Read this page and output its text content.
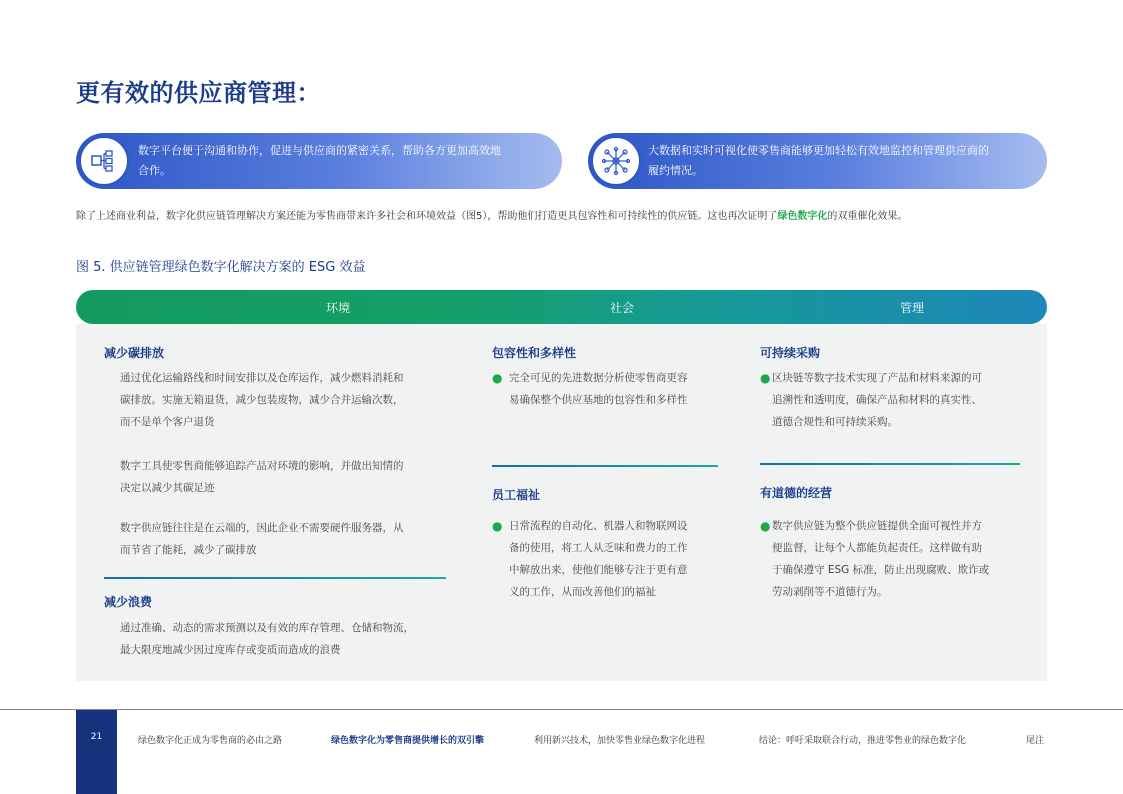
更有效的供应商管理：
数字平台便于沟通和协作，促进与供应商的紧密关系，帮助各方更加高效地
合作。
大数据和实时可视化使零售商能够更加轻松有效地监控和管理供应商的
履约情况。
除了上述商业利益，数字化供应链管理解决方案还能为零售商带来许多社会和环境效益（图5），帮助他们打造更具包容性和可持续性的供应链。这也再次证明了绿色数字化的双重催化效果。
图 5. 供应链管理绿色数字化解决方案的 ESG 效益
环境	社会	管理
减少碳排放
通过优化运输路线和时间安排以及仓库运作，减少燃料消耗和
碳排放。实施无箱退货，减少包装废物，减少合并运输次数，
而不是单个客户退货
数字工具使零售商能够追踪产品对环境的影响，并做出知情的
决定以减少其碳足迹
数字供应链往往是在云端的，因此企业不需要硬件服务器，从
而节省了能耗，减少了碳排放
减少浪费
通过准确、动态的需求预测以及有效的库存管理、仓储和物流，
最大限度地减少因过度库存或变质而造成的浪费
包容性和多样性
● 完全可见的先进数据分析使零售商更容
易确保整个供应基地的包容性和多样性
员工福祉
● 日常流程的自动化、机器人和物联网设
备的使用，将工人从乏味和费力的工作
中解放出来，使他们能够专注于更有意
义的工作，从而改善他们的福祉
可持续采购
● 区块链等数字技术实现了产品和材料来源的可
追溯性和透明度，确保产品和材料的真实性、
道德合规性和可持续采购。
有道德的经营
● 数字供应链为整个供应链提供全面可视性并方
便监督，让每个人都能负起责任。这样做有助
于确保遵守 ESG 标准，防止出现腐败、欺诈或
劳动剥削等不道德行为。
21	绿色数字化正成为零售商的必由之路	绿色数字化为零售商提供增长的双引擎	利用新兴技术，加快零售业绿色数字化进程	结论：呼吁采取联合行动，推进零售业的绿色数字化	尾注
